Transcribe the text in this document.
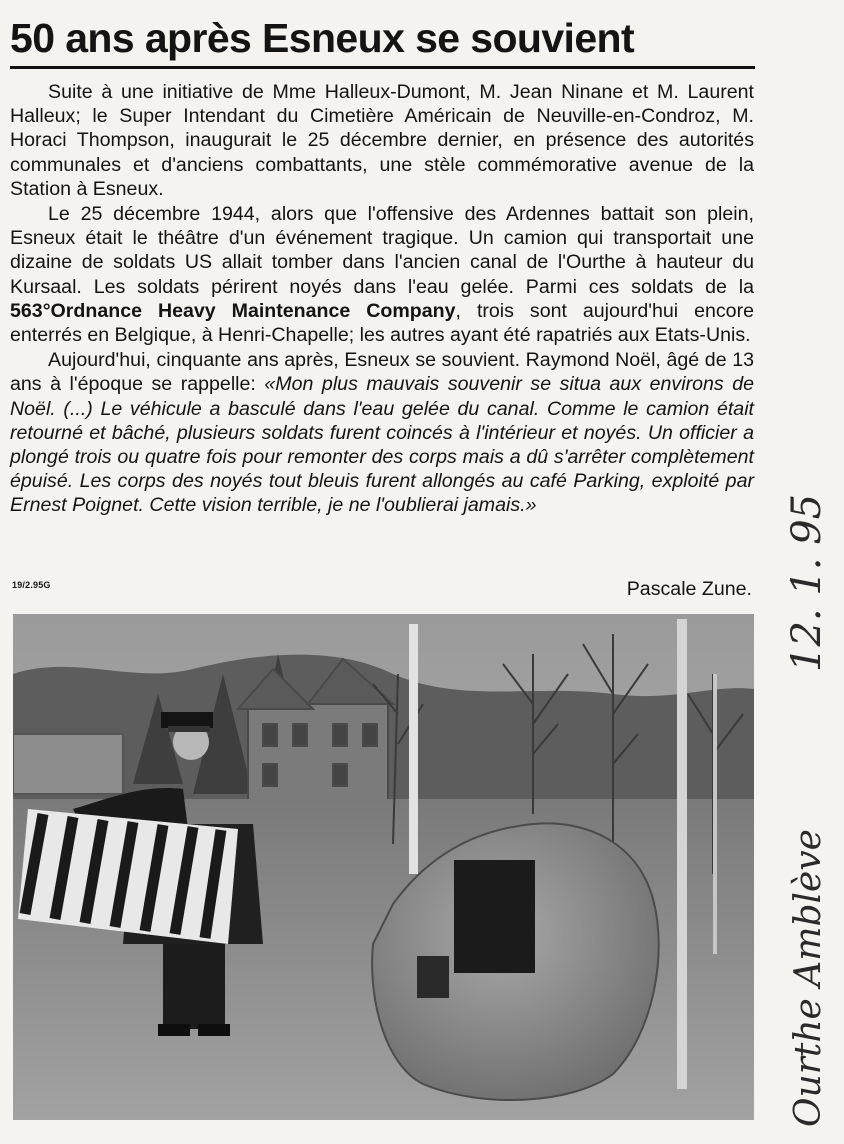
50 ans après Esneux se souvient

Suite à une initiative de Mme Halleux-Dumont, M. Jean Ninane et M. Laurent Halleux; le Super Intendant du Cimetière Américain de Neuville-en-Condroz, M. Horaci Thompson, inaugurait le 25 décembre dernier, en présence des autorités communales et d'anciens combattants, une stèle commémorative avenue de la Station à Esneux.

Le 25 décembre 1944, alors que l'offensive des Ardennes battait son plein, Esneux était le théâtre d'un événement tragique. Un camion qui transportait une dizaine de soldats US allait tomber dans l'ancien canal de l'Ourthe à hauteur du Kursaal. Les soldats périrent noyés dans l'eau gelée. Parmi ces soldats de la 563°Ordnance Heavy Maintenance Company, trois sont aujourd'hui encore enterrés en Belgique, à Henri-Chapelle; les autres ayant été rapatriés aux Etats-Unis.

Aujourd'hui, cinquante ans après, Esneux se souvient. Raymond Noël, âgé de 13 ans à l'époque se rappelle: «Mon plus mauvais souvenir se situa aux environs de Noël. (...) Le véhicule a basculé dans l'eau gelée du canal. Comme le camion était retourné et bâché, plusieurs soldats furent coincés à l'intérieur et noyés. Un officier a plongé trois ou quatre fois pour remonter des corps mais a dû s'arrêter complètement épuisé. Les corps des noyés tout bleuis furent allongés au café Parking, exploité par Ernest Poignet. Cette vision terrible, je ne l'oublierai jamais.»

19/2.95G	Pascale Zune. 12. 1. 95
Ourthe Amblève
